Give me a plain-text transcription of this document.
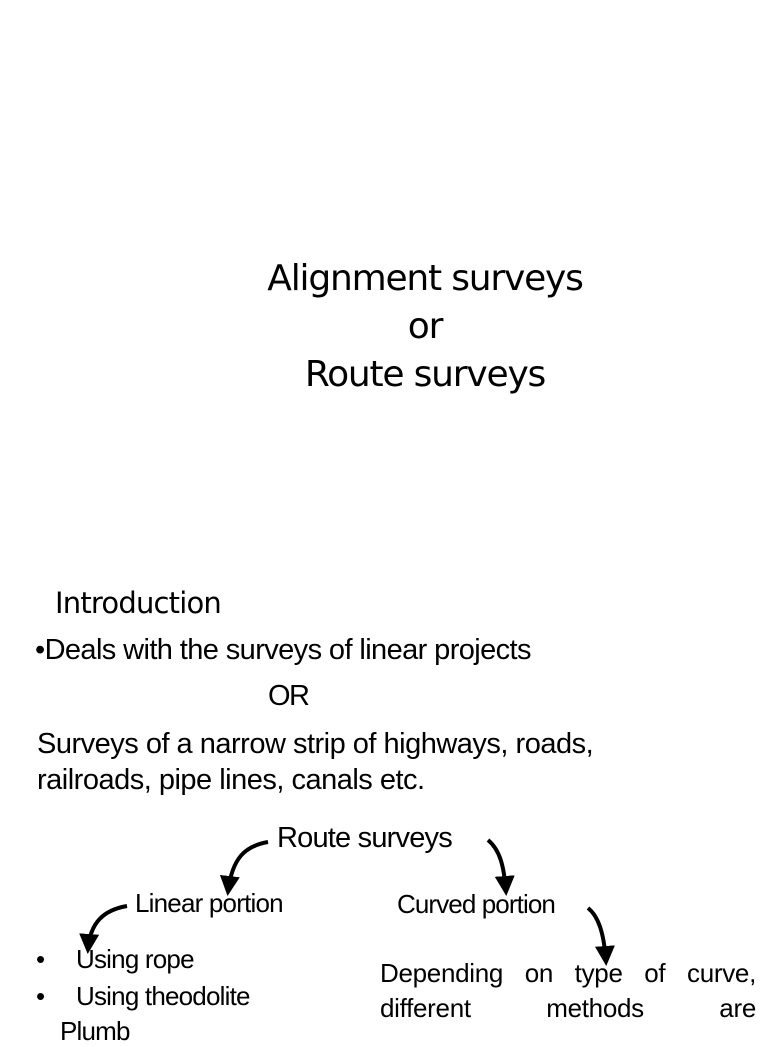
Alignment surveys
or
Route surveys
Introduction
•Deals with the surveys of linear projects
OR
Surveys of a narrow strip of highways, roads,
railroads, pipe lines, canals etc.
Route surveys
Linear portion	Curved portion
• Using rope
• Using theodolite
Plumb
Depending on type of curve, different methods are
